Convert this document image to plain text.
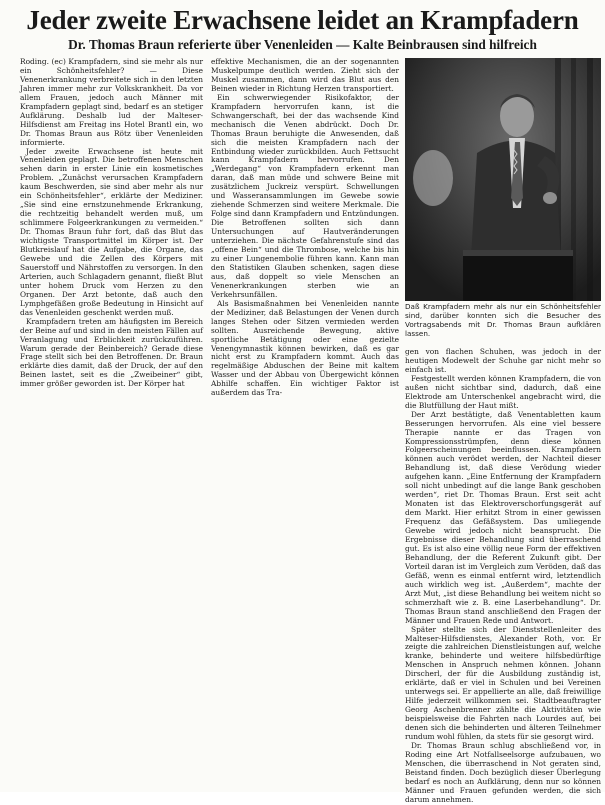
Jeder zweite Erwachsene leidet an Krampfadern
Dr. Thomas Braun referierte über Venenleiden — Kalte Beinbrausen sind hilfreich

Roding. (ec) Krampfadern, sind sie mehr als nur ein Schönheitsfehler? — Diese Venenerkrankung verbreitete sich in den letzten Jahren immer mehr zur Volkskrankheit. Da vor allem Frauen, jedoch auch Männer mit Krampfadern geplagt sind, bedarf es an stetiger Aufklärung. Deshalb lud der Malteser-Hilfsdienst am Freitag ins Hotel Brantl ein, wo Dr. Thomas Braun aus Rötz über Venenleiden informierte.

Jeder zweite Erwachsene ist heute mit Venenleiden geplagt. Die betroffenen Menschen sehen darin in erster Linie ein kosmetisches Problem. „Zunächst verursachen Krampfadern kaum Beschwerden, sie sind aber mehr als nur ein Schönheitsfehler“, erklärte der Mediziner. „Sie sind eine ernstzunehmende Erkrankung, die rechtzeitig behandelt werden muß, um schlimmere Folgeerkrankungen zu vermeiden.“ Dr. Thomas Braun fuhr fort, daß das Blut das wichtigste Transportmittel im Körper ist. Der Blutkreislauf hat die Aufgabe, die Organe, das Gewebe und die Zellen des Körpers mit Sauerstoff und Nährstoffen zu versorgen. In den Arterien, auch Schlagadern genannt, fließt Blut unter hohem Druck vom Herzen zu den Organen. Der Arzt betonte, daß auch den Lymphgefäßen große Bedeutung in Hinsicht auf das Venenleiden geschenkt werden muß.

Krampfadern treten am häufigsten im Bereich der Beine auf und sind in den meisten Fällen auf Veranlagung und Erblichkeit zurückzuführen. Warum gerade der Beinbereich? Gerade diese Frage stellt sich bei den Betroffenen. Dr. Braun erklärte dies damit, daß der Druck, der auf den Beinen lastet, seit es die „Zweibeiner“ gibt, immer größer geworden ist. Der Körper hat

effektive Mechanismen, die an der sogenannten Muskelpumpe deutlich werden. Zieht sich der Muskel zusammen, dann wird das Blut aus den Beinen wieder in Richtung Herzen transportiert.

Ein schwerwiegender Risikofaktor, der Krampfadern hervorrufen kann, ist die Schwangerschaft, bei der das wachsende Kind mechanisch die Venen abdrückt. Doch Dr. Thomas Braun beruhigte die Anwesenden, daß sich die meisten Krampfadern nach der Entbindung wieder zurückbilden. Auch Fettsucht kann Krampfadern hervorrufen. Den „Werdegang“ von Krampfadern erkennt man daran, daß man müde und schwere Beine mit zusätzlichem Juckreiz verspürt. Schwellungen und Wasseransammlungen im Gewebe sowie ziehende Schmerzen sind weitere Merkmale. Die Folge sind dann Krampfadern und Entzündungen. Die Betroffenen sollten sich dann Untersuchungen auf Hautveränderungen unterziehen. Die nächste Gefahrenstufe sind das „offene Bein“ und die Thrombose, welche bis hin zu einer Lungenembolie führen kann. Kann man den Statistiken Glauben schenken, sagen diese aus, daß doppelt so viele Menschen an Venenerkrankungen sterben wie an Verkehrsunfällen.

Als Basismaßnahmen bei Venenleiden nannte der Mediziner, daß Belastungen der Venen durch langes Stehen oder Sitzen vermieden werden sollten. Ausreichende Bewegung, aktive sportliche Betätigung oder eine gezielte Venengymnastik können bewirken, daß es gar nicht erst zu Krampfadern kommt. Auch das regelmäßige Abduschen der Beine mit kaltem Wasser und der Abbau von Übergewicht können Abhilfe schaffen. Ein wichtiger Faktor ist außerdem das Tra-

Daß Krampfadern mehr als nur ein Schönheitsfehler sind, darüber konnten sich die Besucher des Vortragsabends mit Dr. Thomas Braun aufklären lassen.

gen von flachen Schuhen, was jedoch in der heutigen Modewelt der Schuhe gar nicht mehr so einfach ist.

Festgestellt werden können Krampfadern, die von außen nicht sichtbar sind, dadurch, daß eine Elektrode am Unterschenkel angebracht wird, die die Blutfüllung der Haut mißt.

Der Arzt bestätigte, daß Venentabletten kaum Besserungen hervorrufen. Als eine viel bessere Therapie nannte er das Tragen von Kompressionsstrümpfen, denn diese können Folgeerscheinungen beeinflussen. Krampfadern können auch verödet werden, der Nachteil dieser Behandlung ist, daß diese Verödung wieder aufgehen kann. „Eine Entfernung der Krampfadern soll nicht unbedingt auf die lange Bank geschoben werden“, riet Dr. Thomas Braun. Erst seit acht Monaten ist das Elektroverschorfungsgerät auf dem Markt. Hier erhitzt Strom in einer gewissen Frequenz das Gefäßsystem. Das umliegende Gewebe wird jedoch nicht beansprucht. Die Ergebnisse dieser Behandlung sind überraschend gut. Es ist also eine völlig neue Form der effektiven Behandlung, der die Referent Zukunft gibt. Der Vorteil daran ist im Vergleich zum Veröden, daß das Gefäß, wenn es einmal entfernt wird, letztendlich auch wirklich weg ist. „Außerdem“, machte der Arzt Mut, „ist diese Behandlung bei weitem nicht so schmerzhaft wie z. B. eine Laserbehandlung“. Dr. Thomas Braun stand anschließend den Fragen der Männer und Frauen Rede und Antwort.

Später stellte sich der Dienststellenleiter des Malteser-Hilfsdienstes, Alexander Roth, vor. Er zeigte die zahlreichen Dienstleistungen auf, welche kranke, behinderte und weitere hilfsbedürftige Menschen in Anspruch nehmen können. Johann Dirscherl, der für die Ausbildung zuständig ist, erklärte, daß er viel in Schulen und bei Vereinen unterwegs sei. Er appellierte an alle, daß freiwillige Hilfe jederzeit willkommen sei. Stadtbeauftragter Georg Aschenbrenner zählte die Aktivitäten wie beispielsweise die Fahrten nach Lourdes auf, bei denen sich die behinderten und älteren Teilnehmer rundum wohl fühlen, da stets für sie gesorgt wird.

Dr. Thomas Braun schlug abschließend vor, in Roding eine Art Notfallseelsorge aufzubauen, wo Menschen, die überraschend in Not geraten sind, Beistand finden. Doch bezüglich dieser Überlegung bedarf es noch an Aufklärung, denn nur so können Männer und Frauen gefunden werden, die sich darum annehmen.
